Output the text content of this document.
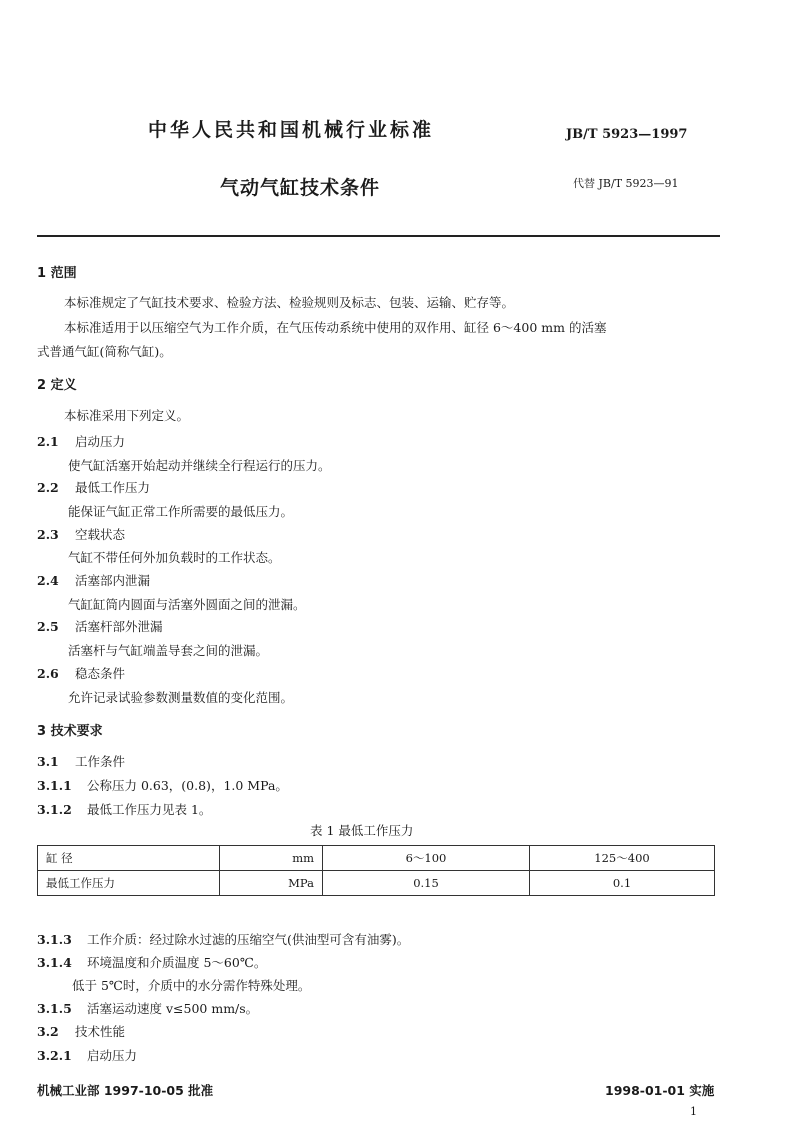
中华人民共和国机械行业标准	JB/T 5923—1997
气动气缸技术条件	代替 JB/T 5923—91
1 范围
本标准规定了气缸技术要求、检验方法、检验规则及标志、包装、运输、贮存等。
本标准适用于以压缩空气为工作介质，在气压传动系统中使用的双作用、缸径 6～400 mm 的活塞
式普通气缸(简称气缸)。
2 定义
本标准采用下列定义。
2.1 启动压力
使气缸活塞开始起动并继续全行程运行的压力。
2.2 最低工作压力
能保证气缸正常工作所需要的最低压力。
2.3 空载状态
气缸不带任何外加负载时的工作状态。
2.4 活塞部内泄漏
气缸缸筒内圆面与活塞外圆面之间的泄漏。
2.5 活塞杆部外泄漏
活塞杆与气缸端盖导套之间的泄漏。
2.6 稳态条件
允许记录试验参数测量数值的变化范围。
3 技术要求
3.1 工作条件
3.1.1 公称压力 0.63，(0.8)，1.0 MPa。
3.1.2 最低工作压力见表 1。
表 1 最低工作压力
缸 径	mm	6～100	125～400
最低工作压力	MPa	0.15	0.1
3.1.3 工作介质：经过除水过滤的压缩空气(供油型可含有油雾)。
3.1.4 环境温度和介质温度 5～60℃。
低于 5℃时，介质中的水分需作特殊处理。
3.1.5 活塞运动速度 v≤500 mm/s。
3.2 技术性能
3.2.1 启动压力
机械工业部 1997-10-05 批准	1998-01-01 实施
1
